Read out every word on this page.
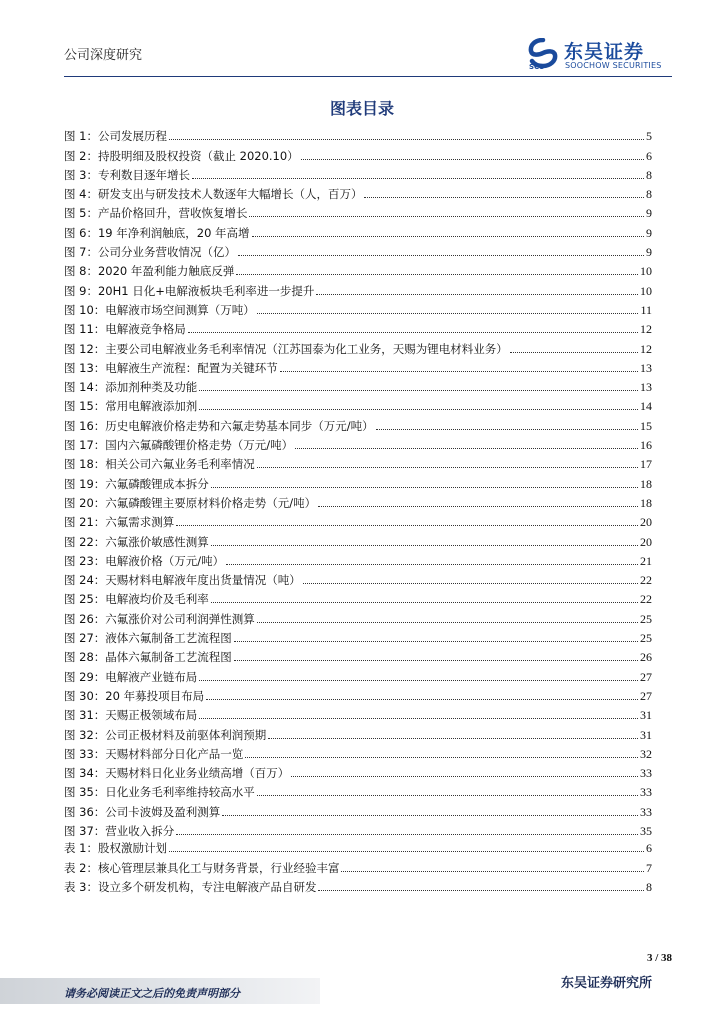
公司深度研究
SCS
东吴证券
SOOCHOW SECURITIES
图表目录
图 1：公司发展历程	5
图 2：持股明细及股权投资（截止 2020.10）	6
图 3：专利数目逐年增长	8
图 4：研发支出与研发技术人数逐年大幅增长（人，百万）	8
图 5：产品价格回升，营收恢复增长	9
图 6：19 年净利润触底，20 年高增	9
图 7：公司分业务营收情况（亿）	9
图 8：2020 年盈利能力触底反弹	10
图 9：20H1 日化+电解液板块毛利率进一步提升	10
图 10：电解液市场空间测算（万吨）	11
图 11：电解液竞争格局	12
图 12：主要公司电解液业务毛利率情况（江苏国泰为化工业务，天赐为锂电材料业务）	12
图 13：电解液生产流程：配置为关键环节	13
图 14：添加剂种类及功能	13
图 15：常用电解液添加剂	14
图 16：历史电解液价格走势和六氟走势基本同步（万元/吨）	15
图 17：国内六氟磷酸锂价格走势（万元/吨）	16
图 18：相关公司六氟业务毛利率情况	17
图 19：六氟磷酸锂成本拆分	18
图 20：六氟磷酸锂主要原材料价格走势（元/吨）	18
图 21：六氟需求测算	20
图 22：六氟涨价敏感性测算	20
图 23：电解液价格（万元/吨）	21
图 24：天赐材料电解液年度出货量情况（吨）	22
图 25：电解液均价及毛利率	22
图 26：六氟涨价对公司利润弹性测算	25
图 27：液体六氟制备工艺流程图	25
图 28：晶体六氟制备工艺流程图	26
图 29：电解液产业链布局	27
图 30：20 年募投项目布局	27
图 31：天赐正极领域布局	31
图 32：公司正极材料及前驱体利润预期	31
图 33：天赐材料部分日化产品一览	32
图 34：天赐材料日化业务业绩高增（百万）	33
图 35：日化业务毛利率维持较高水平	33
图 36：公司卡波姆及盈利测算	33
图 37：营业收入拆分	35
表 1：股权激励计划	6
表 2：核心管理层兼具化工与财务背景，行业经验丰富	7
表 3：设立多个研发机构，专注电解液产品自研发	8
3 / 38
请务必阅读正文之后的免责声明部分
东吴证券研究所
